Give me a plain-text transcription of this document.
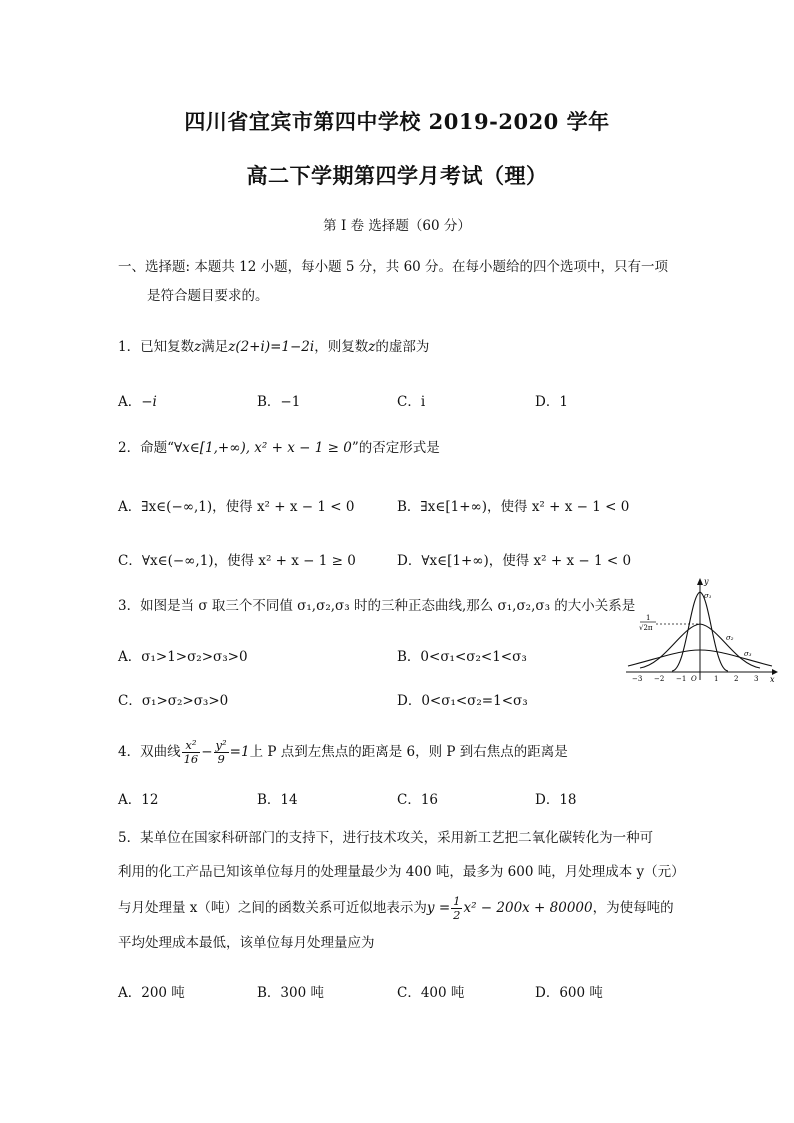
四川省宜宾市第四中学校 2019-2020 学年
高二下学期第四学月考试（理）
第 I 卷 选择题（60 分）
一、选择题: 本题共 12 小题，每小题 5 分，共 60 分。在每小题给的四个选项中，只有一项
是符合题目要求的。
1．已知复数z满足z(2+i)=1−2i，则复数z的虚部为
A．−i	B．−1	C．i	D．1
2．命题“∀x∈[1,+∞), x² + x − 1 ≥ 0”的否定形式是
A．∃x∈(−∞,1)，使得 x² + x − 1 < 0	B．∃x∈[1+∞)，使得 x² + x − 1 < 0
C．∀x∈(−∞,1)，使得 x² + x − 1 ≥ 0	D．∀x∈[1+∞)，使得 x² + x − 1 < 0
3．如图是当 σ 取三个不同值 σ₁,σ₂,σ₃ 时的三种正态曲线,那么 σ₁,σ₂,σ₃ 的大小关系是
A．σ₁>1>σ₂>σ₃>0	B．0<σ₁<σ₂<1<σ₃
C．σ₁>σ₂>σ₃>0	D．0<σ₁<σ₂=1<σ₃
y
x
1
√2π
σ₁
σ₂
σ₃
−3 −2 −1 O 1 2 3
4．双曲线 $\frac{\text{x²}}{16} - \frac{\text{y²}}{9} =1$上 P 点到左焦点的距离是 6，则 P 到右焦点的距离是
A．12	B．14	C．16	D．18
5．某单位在国家科研部门的支持下，进行技术攻关，采用新工艺把二氧化碳转化为一种可
利用的化工产品已知该单位每月的处理量最少为 400 吨，最多为 600 吨，月处理成本 y（元）
与月处理量 x（吨）之间的函数关系可近似地表示为$y = \frac{1}{2} x^2 - 200x + 80000$，为使每吨的
平均处理成本最低，该单位每月处理量应为
A．200 吨	B．300 吨	C．400 吨	D．600 吨
